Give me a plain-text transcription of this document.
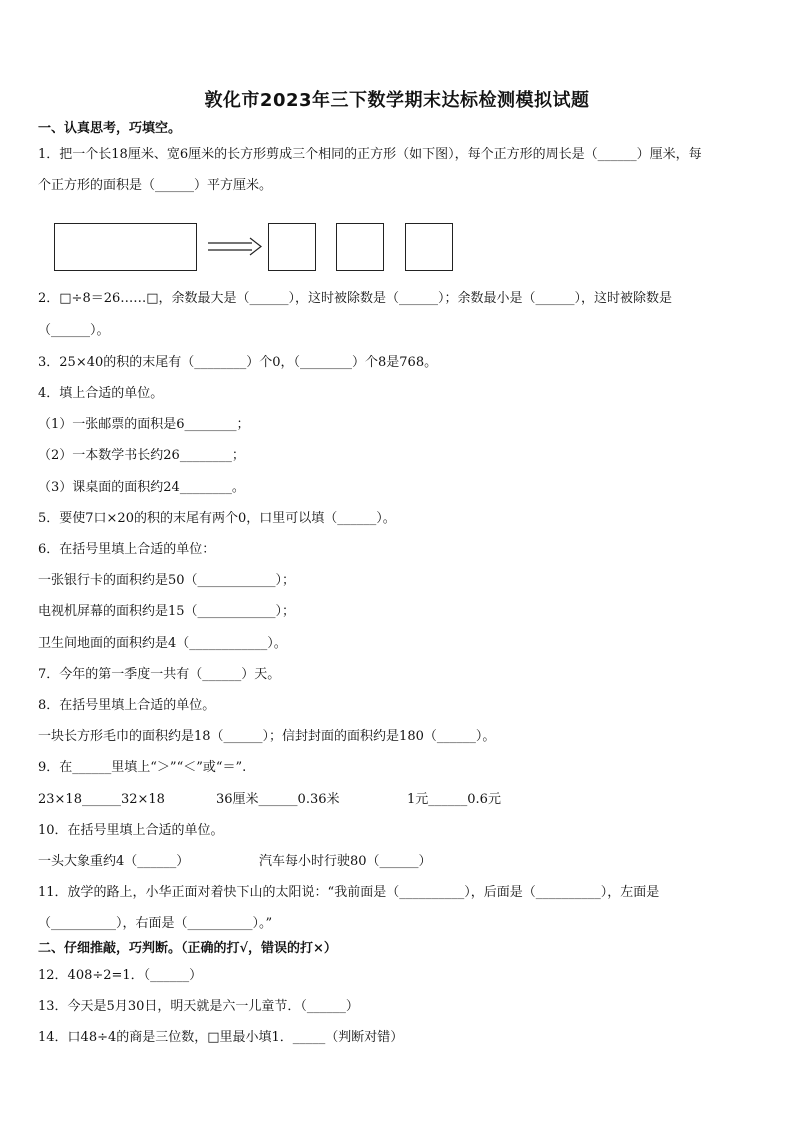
敦化市2023年三下数学期末达标检测模拟试题
一、认真思考，巧填空。
1．把一个长18厘米、宽6厘米的长方形剪成三个相同的正方形（如下图），每个正方形的周长是（______）厘米，每
个正方形的面积是（______）平方厘米。
2．□÷8＝26……□，余数最大是（______），这时被除数是（______）；余数最小是（______），这时被除数是
（______）。
3．25×40的积的末尾有（________）个0，（________）个8是768。
4．填上合适的单位。
（1）一张邮票的面积是6________；
（2）一本数学书长约26________；
（3）课桌面的面积约24________。
5．要使7口×20的积的末尾有两个0，口里可以填（______）。
6．在括号里填上合适的单位：
一张银行卡的面积约是50（____________）；
电视机屏幕的面积约是15（____________）；
卫生间地面的面积约是4（____________）。
7．今年的第一季度一共有（______）天。
8．在括号里填上合适的单位。
一块长方形毛巾的面积约是18（______）；信封封面的面积约是180（______）。
9．在______里填上“＞”“＜”或“＝”.
23×18______32×18	36厘米______0.36米	1元______0.6元
10．在括号里填上合适的单位。
一头大象重约4（______）	汽车每小时行驶80（______）
11．放学的路上，小华正面对着快下山的太阳说：“我前面是（__________），后面是（__________），左面是
（__________），右面是（__________）。”
二、仔细推敲，巧判断。（正确的打√，错误的打×）
12．408÷2=1．（______）
13．今天是5月30日，明天就是六一儿童节．（______）
14．口48÷4的商是三位数，□里最小填1．_____（判断对错）
